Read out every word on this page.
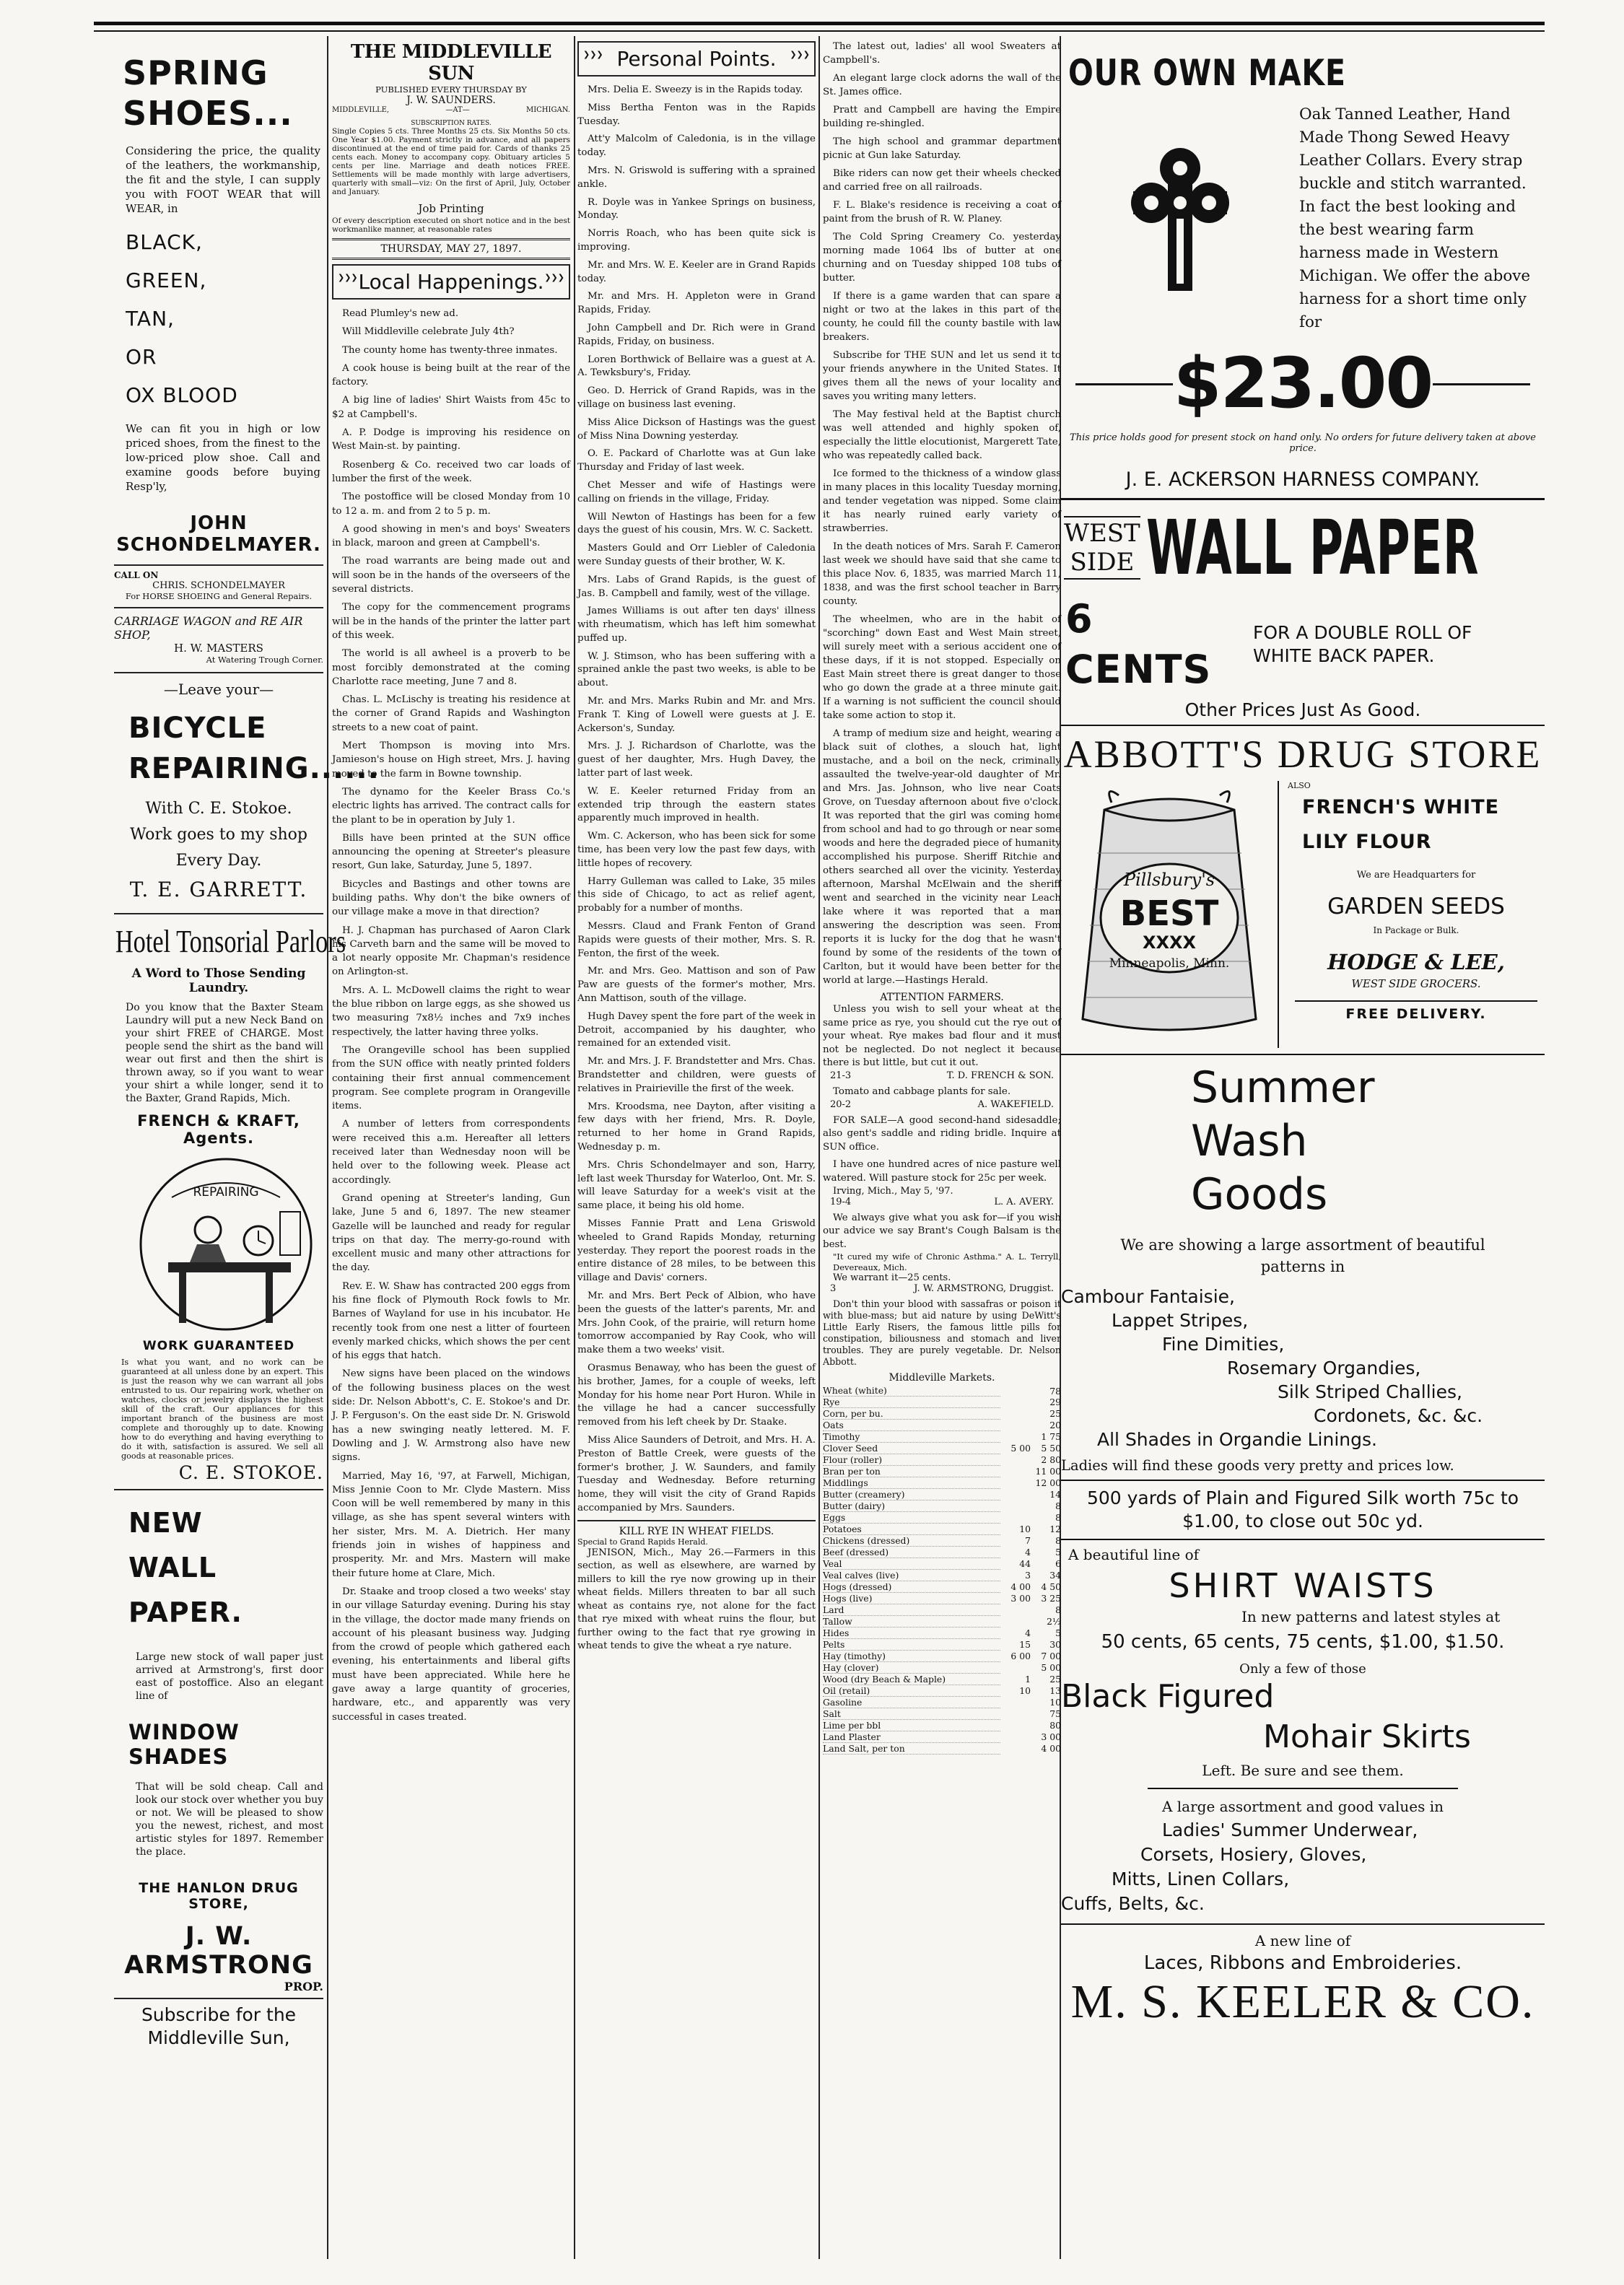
SPRING SHOES...
Considering the price, the quality of the leathers, the workmanship, the fit and the style, I can supply you with FOOT WEAR that will WEAR, in
BLACK,
GREEN,
TAN,
OR
OX BLOOD
We can fit you in high or low priced shoes, from the finest to the low-priced plow shoe. Call and examine goods before buying Resp'ly,
JOHN SCHONDELMAYER.
CALL ON
CHRIS. SCHONDELMAYER
For HORSE SHOEING and General Repairs.
CARRIAGE WAGON and RE AIR SHOP,
H. W. MASTERS
At Watering Trough Corner.
—Leave your—
BICYCLE REPAIRING......
With C. E. Stokoe.
Work goes to my shop
Every Day.
T. E. GARRETT.
Hotel Tonsorial Parlors
A Word to Those Sending Laundry.
Do you know that the Baxter Steam Laundry will put a new Neck Band on your shirt FREE of CHARGE. Most people send the shirt as the band will wear out first and then the shirt is thrown away, so if you want to wear your shirt a while longer, send it to the Baxter, Grand Rapids, Mich.
FRENCH & KRAFT, Agents.
REPAIRING
WORK GUARANTEED
Is what you want, and no work can be guaranteed at all unless done by an expert. This is just the reason why we can warrant all jobs entrusted to us. Our repairing work, whether on watches, clocks or jewelry displays the highest skill of the craft. Our appliances for this important branch of the business are most complete and thoroughly up to date. Knowing how to do everything and having everything to do it with, satisfaction is assured. We sell all goods at reasonable prices.
C. E. STOKOE.
NEW WALL PAPER.
Large new stock of wall paper just arrived at Armstrong's, first door east of postoffice. Also an elegant line of
WINDOW SHADES
That will be sold cheap. Call and look our stock over whether you buy or not. We will be pleased to show you the newest, richest, and most artistic styles for 1897. Remember the place.
THE HANLON DRUG STORE,
J. W. ARMSTRONG
PROP.
Subscribe for the Middleville Sun,
THE MIDDLEVILLE SUN
PUBLISHED EVERY THURSDAY BY
J. W. SAUNDERS.
MIDDLEVILLE,	—AT—	MICHIGAN.
SUBSCRIPTION RATES.
Single Copies 5 cts. Three Months 25 cts. Six Months 50 cts. One Year $1.00. Payment strictly in advance, and all papers discontinued at the end of time paid for. Cards of thanks 25 cents each. Money to accompany copy. Obituary articles 5 cents per line. Marriage and death notices FREE. Settlements will be made monthly with large advertisers, quarterly with small—viz: On the first of April, July, October and January.
Job Printing
Of every description executed on short notice and in the best workmanlike manner, at reasonable rates
THURSDAY, MAY 27, 1897.
❯❯❯ Local Happenings. ❯❯❯

Read Plumley's new ad.

Will Middleville celebrate July 4th?

The county home has twenty-three inmates.

A cook house is being built at the rear of the factory.

A big line of ladies' Shirt Waists from 45c to $2 at Campbell's.

A. P. Dodge is improving his residence on West Main-st. by painting.

Rosenberg & Co. received two car loads of lumber the first of the week.

The postoffice will be closed Monday from 10 to 12 a. m. and from 2 to 5 p. m.

A good showing in men's and boys' Sweaters in black, maroon and green at Campbell's.

The road warrants are being made out and will soon be in the hands of the overseers of the several districts.

The copy for the commencement programs will be in the hands of the printer the latter part of this week.

The world is all awheel is a proverb to be most forcibly demonstrated at the coming Charlotte race meeting, June 7 and 8.

Chas. L. McLischy is treating his residence at the corner of Grand Rapids and Washington streets to a new coat of paint.

Mert Thompson is moving into Mrs. Jamieson's house on High street, Mrs. J. having moved to the farm in Bowne township.

The dynamo for the Keeler Brass Co.'s electric lights has arrived. The contract calls for the plant to be in operation by July 1.

Bills have been printed at the SUN office announcing the opening at Streeter's pleasure resort, Gun lake, Saturday, June 5, 1897.

Bicycles and Bastings and other towns are building paths. Why don't the bike owners of our village make a move in that direction?

H. J. Chapman has purchased of Aaron Clark his Carveth barn and the same will be moved to a lot nearly opposite Mr. Chapman's residence on Arlington-st.

Mrs. A. L. McDowell claims the right to wear the blue ribbon on large eggs, as she showed us two measuring 7x8½ inches and 7x9 inches respectively, the latter having three yolks.

The Orangeville school has been supplied from the SUN office with neatly printed folders containing their first annual commencement program. See complete program in Orangeville items.

A number of letters from correspondents were received this a.m. Hereafter all letters received later than Wednesday noon will be held over to the following week. Please act accordingly.

Grand opening at Streeter's landing, Gun lake, June 5 and 6, 1897. The new steamer Gazelle will be launched and ready for regular trips on that day. The merry-go-round with excellent music and many other attractions for the day.

Rev. E. W. Shaw has contracted 200 eggs from his fine flock of Plymouth Rock fowls to Mr. Barnes of Wayland for use in his incubator. He recently took from one nest a litter of fourteen evenly marked chicks, which shows the per cent of his eggs that hatch.

New signs have been placed on the windows of the following business places on the west side: Dr. Nelson Abbott's, C. E. Stokoe's and Dr. J. P. Ferguson's. On the east side Dr. N. Griswold has a new swinging neatly lettered. M. F. Dowling and J. W. Armstrong also have new signs.

Married, May 16, '97, at Farwell, Michigan, Miss Jennie Coon to Mr. Clyde Mastern. Miss Coon will be well remembered by many in this village, as she has spent several winters with her sister, Mrs. M. A. Dietrich. Her many friends join in wishes of happiness and prosperity. Mr. and Mrs. Mastern will make their future home at Clare, Mich.

Dr. Staake and troop closed a two weeks' stay in our village Saturday evening. During his stay in the village, the doctor made many friends on account of his pleasant business way. Judging from the crowd of people which gathered each evening, his entertainments and liberal gifts must have been appreciated. While here he gave away a large quantity of groceries, hardware, etc., and apparently was very successful in cases treated.

❯❯❯ Personal Points. ❯❯❯

Mrs. Delia E. Sweezy is in the Rapids today.

Miss Bertha Fenton was in the Rapids Tuesday.

Att'y Malcolm of Caledonia, is in the village today.

Mrs. N. Griswold is suffering with a sprained ankle.

R. Doyle was in Yankee Springs on business, Monday.

Norris Roach, who has been quite sick is improving.

Mr. and Mrs. W. E. Keeler are in Grand Rapids today.

Mr. and Mrs. H. Appleton were in Grand Rapids, Friday.

John Campbell and Dr. Rich were in Grand Rapids, Friday, on business.

Loren Borthwick of Bellaire was a guest at A. A. Tewksbury's, Friday.

Geo. D. Herrick of Grand Rapids, was in the village on business last evening.

Miss Alice Dickson of Hastings was the guest of Miss Nina Downing yesterday.

O. E. Packard of Charlotte was at Gun lake Thursday and Friday of last week.

Chet Messer and wife of Hastings were calling on friends in the village, Friday.

Will Newton of Hastings has been for a few days the guest of his cousin, Mrs. W. C. Sackett.

Masters Gould and Orr Liebler of Caledonia were Sunday guests of their brother, W. K.

Mrs. Labs of Grand Rapids, is the guest of Jas. B. Campbell and family, west of the village.

James Williams is out after ten days' illness with rheumatism, which has left him somewhat puffed up.

W. J. Stimson, who has been suffering with a sprained ankle the past two weeks, is able to be about.

Mr. and Mrs. Marks Rubin and Mr. and Mrs. Frank T. King of Lowell were guests at J. E. Ackerson's, Sunday.

Mrs. J. J. Richardson of Charlotte, was the guest of her daughter, Mrs. Hugh Davey, the latter part of last week.

W. E. Keeler returned Friday from an extended trip through the eastern states apparently much improved in health.

Wm. C. Ackerson, who has been sick for some time, has been very low the past few days, with little hopes of recovery.

Harry Gulleman was called to Lake, 35 miles this side of Chicago, to act as relief agent, probably for a number of months.

Messrs. Claud and Frank Fenton of Grand Rapids were guests of their mother, Mrs. S. R. Fenton, the first of the week.

Mr. and Mrs. Geo. Mattison and son of Paw Paw are guests of the former's mother, Mrs. Ann Mattison, south of the village.

Hugh Davey spent the fore part of the week in Detroit, accompanied by his daughter, who remained for an extended visit.

Mr. and Mrs. J. F. Brandstetter and Mrs. Chas. Brandstetter and children, were guests of relatives in Prairieville the first of the week.

Mrs. Kroodsma, nee Dayton, after visiting a few days with her friend, Mrs. R. Doyle, returned to her home in Grand Rapids, Wednesday p. m.

Mrs. Chris Schondelmayer and son, Harry, left last week Thursday for Waterloo, Ont. Mr. S. will leave Saturday for a week's visit at the same place, it being his old home.

Misses Fannie Pratt and Lena Griswold wheeled to Grand Rapids Monday, returning yesterday. They report the poorest roads in the entire distance of 28 miles, to be between this village and Davis' corners.

Mr. and Mrs. Bert Peck of Albion, who have been the guests of the latter's parents, Mr. and Mrs. John Cook, of the prairie, will return home tomorrow accompanied by Ray Cook, who will make them a two weeks' visit.

Orasmus Benaway, who has been the guest of his brother, James, for a couple of weeks, left Monday for his home near Port Huron. While in the village he had a cancer successfully removed from his left cheek by Dr. Staake.

Miss Alice Saunders of Detroit, and Mrs. H. A. Preston of Battle Creek, were guests of the former's brother, J. W. Saunders, and family Tuesday and Wednesday. Before returning home, they will visit the city of Grand Rapids accompanied by Mrs. Saunders.

KILL RYE IN WHEAT FIELDS.
Special to Grand Rapids Herald.
JENISON, Mich., May 26.—Farmers in this section, as well as elsewhere, are warned by millers to kill the rye now growing up in their wheat fields. Millers threaten to bar all such wheat as contains rye, not alone for the fact that rye mixed with wheat ruins the flour, but further owing to the fact that rye growing in wheat tends to give the wheat a rye nature.

The latest out, ladies' all wool Sweaters at Campbell's.

An elegant large clock adorns the wall of the St. James office.

Pratt and Campbell are having the Empire building re-shingled.

The high school and grammar department picnic at Gun lake Saturday.

Bike riders can now get their wheels checked and carried free on all railroads.

F. L. Blake's residence is receiving a coat of paint from the brush of R. W. Planey.

The Cold Spring Creamery Co. yesterday morning made 1064 lbs of butter at one churning and on Tuesday shipped 108 tubs of butter.

If there is a game warden that can spare a night or two at the lakes in this part of the county, he could fill the county bastile with law breakers.

Subscribe for THE SUN and let us send it to your friends anywhere in the United States. It gives them all the news of your locality and saves you writing many letters.

The May festival held at the Baptist church was well attended and highly spoken of, especially the little elocutionist, Margerett Tate, who was repeatedly called back.

Ice formed to the thickness of a window glass in many places in this locality Tuesday morning, and tender vegetation was nipped. Some claim it has nearly ruined early variety of strawberries.

In the death notices of Mrs. Sarah F. Cameron last week we should have said that she came to this place Nov. 6, 1835, was married March 11, 1838, and was the first school teacher in Barry county.

The wheelmen, who are in the habit of "scorching" down East and West Main street, will surely meet with a serious accident one of these days, if it is not stopped. Especially on East Main street there is great danger to those who go down the grade at a three minute gait. If a warning is not sufficient the council should take some action to stop it.

A tramp of medium size and height, wearing a black suit of clothes, a slouch hat, light mustache, and a boil on the neck, criminally assaulted the twelve-year-old daughter of Mr. and Mrs. Jas. Johnson, who live near Coats Grove, on Tuesday afternoon about five o'clock. It was reported that the girl was coming home from school and had to go through or near some woods and here the degraded piece of humanity accomplished his purpose. Sheriff Ritchie and others searched all over the vicinity. Yesterday afternoon, Marshal McElwain and the sheriff went and searched in the vicinity near Leach lake where it was reported that a man answering the description was seen. From reports it is lucky for the dog that he wasn't found by some of the residents of the town of Carlton, but it would have been better for the world at large.—Hastings Herald.

ATTENTION FARMERS.
Unless you wish to sell your wheat at the same price as rye, you should cut the rye out of your wheat. Rye makes bad flour and it must not be neglected. Do not neglect it because there is but little, but cut it out.
21-3	T. D. FRENCH & SON.
Tomato and cabbage plants for sale.
20-2	A. WAKEFIELD.
FOR SALE—A good second-hand sidesaddle; also gent's saddle and riding bridle. Inquire at SUN office.
I have one hundred acres of nice pasture well watered. Will pasture stock for 25c per week.
Irving, Mich., May 5, '97.
19-4	L. A. AVERY.
We always give what you ask for—if you wish our advice we say Brant's Cough Balsam is the best.
"It cured my wife of Chronic Asthma." A. L. Terryll, Devereaux, Mich.
We warrant it—25 cents.
3	J. W. ARMSTRONG, Druggist.
Don't thin your blood with sassafras or poison it with blue-mass; but aid nature by using DeWitt's Little Early Risers, the famous little pills for constipation, biliousness and stomach and liver troubles. They are purely vegetable. Dr. Nelson Abbott.
Middleville Markets.
Wheat (white)		78
Rye		29
Corn, per bu.		25
Oats		20
Timothy		1 75
Clover Seed	5 00	5 50
Flour (roller)		2 80
Bran per ton		11 00
Middlings		12 00
Butter (creamery)		14
Butter (dairy)		8
Eggs		8
Potatoes	10	12
Chickens (dressed)	7	8
Beef (dressed)	4	5
Veal	44	6
Veal calves (live)	3	34
Hogs (dressed)	4 00	4 50
Hogs (live)	3 00	3 25
Lard		8
Tallow		2½
Hides	4	5
Pelts	15	30
Hay (timothy)	6 00	7 00
Hay (clover)		5 00
Wood (dry Beach & Maple)	1	25
Oil (retail)	10	13
Gasoline		10
Salt		75
Lime per bbl		80
Land Plaster		3 00
Land Salt, per ton		4 00
OUR OWN MAKE
Oak Tanned Leather, Hand Made Thong Sewed Heavy Leather Collars. Every strap buckle and stitch warranted. In fact the best looking and the best wearing farm harness made in Western Michigan. We offer the above harness for a short time only for
$23.00
This price holds good for present stock on hand only. No orders for future delivery taken at above price.
J. E. ACKERSON HARNESS COMPANY.
WEST SIDE WALL PAPER
6 CENTS
FOR A DOUBLE ROLL OF WHITE BACK PAPER.
Other Prices Just As Good.
ABBOTT'S DRUG STORE
Pillsbury's
BEST
XXXX
Minneapolis, Minn.
ALSO
FRENCH'S WHITE LILY FLOUR
We are Headquarters for
GARDEN SEEDS
In Package or Bulk.
HODGE & LEE,
WEST SIDE GROCERS.
FREE DELIVERY.
Summer
Wash
Goods
We are showing a large assortment of beautiful patterns in
Cambour Fantaisie,
Lappet Stripes,
Fine Dimities,
Rosemary Organdies,
Silk Striped Challies,
Cordonets, &c. &c.
All Shades in Organdie Linings.
Ladies will find these goods very pretty and prices low.
500 yards of Plain and Figured Silk worth 75c to $1.00, to close out 50c yd.
A beautiful line of
SHIRT WAISTS
In new patterns and latest styles at
50 cents, 65 cents, 75 cents, $1.00, $1.50.
Only a few of those
Black Figured
Mohair Skirts
Left. Be sure and see them.
A large assortment and good values in
Ladies' Summer Underwear,
Corsets, Hosiery, Gloves,
Mitts, Linen Collars,
Cuffs, Belts, &c.
A new line of
Laces, Ribbons and Embroideries.
M. S. KEELER & CO.
